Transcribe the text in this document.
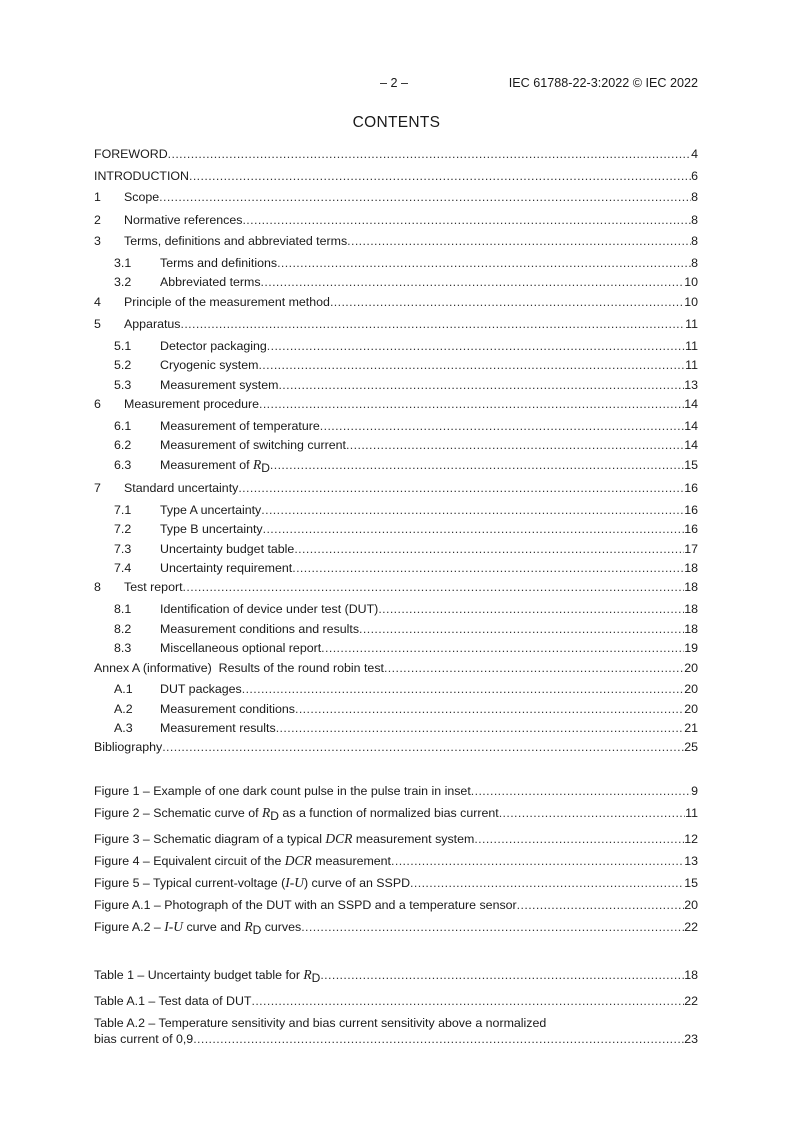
– 2 –	IEC 61788-22-3:2022 © IEC 2022
CONTENTS
FOREWORD .....	4
INTRODUCTION .....	6
1	Scope .....	8
2	Normative references .....	8
3	Terms, definitions and abbreviated terms .....	8
3.1	Terms and definitions .....	8
3.2	Abbreviated terms .....	10
4	Principle of the measurement method .....	10
5	Apparatus .....	11
5.1	Detector packaging .....	11
5.2	Cryogenic system .....	11
5.3	Measurement system .....	13
6	Measurement procedure .....	14
6.1	Measurement of temperature .....	14
6.2	Measurement of switching current .....	14
6.3	Measurement of $R_D$ .....	15
7	Standard uncertainty .....	16
7.1	Type A uncertainty .....	16
7.2	Type B uncertainty .....	16
7.3	Uncertainty budget table .....	17
7.4	Uncertainty requirement .....	18
8	Test report .....	18
8.1	Identification of device under test (DUT) .....	18
8.2	Measurement conditions and results .....	18
8.3	Miscellaneous optional report .....	19
Annex A (informative)  Results of the round robin test .....	20
A.1	DUT packages .....	20
A.2	Measurement conditions .....	20
A.3	Measurement results .....	21
Bibliography .....	25
Figure 1 – Example of one dark count pulse in the pulse train in inset .....	9
Figure 2 – Schematic curve of $R_D$ as a function of normalized bias current .....	11
Figure 3 – Schematic diagram of a typical DCR measurement system .....	12
Figure 4 – Equivalent circuit of the DCR measurement .....	13
Figure 5 – Typical current-voltage (I-U) curve of an SSPD .....	15
Figure A.1 – Photograph of the DUT with an SSPD and a temperature sensor .....	20
Figure A.2 – I-U curve and $R_D$ curves .....	22
Table 1 – Uncertainty budget table for $R_D$ .....	18
Table A.1 – Test data of DUT .....	22
Table A.2 – Temperature sensitivity and bias current sensitivity above a normalized
bias current of 0,9 .....	23
